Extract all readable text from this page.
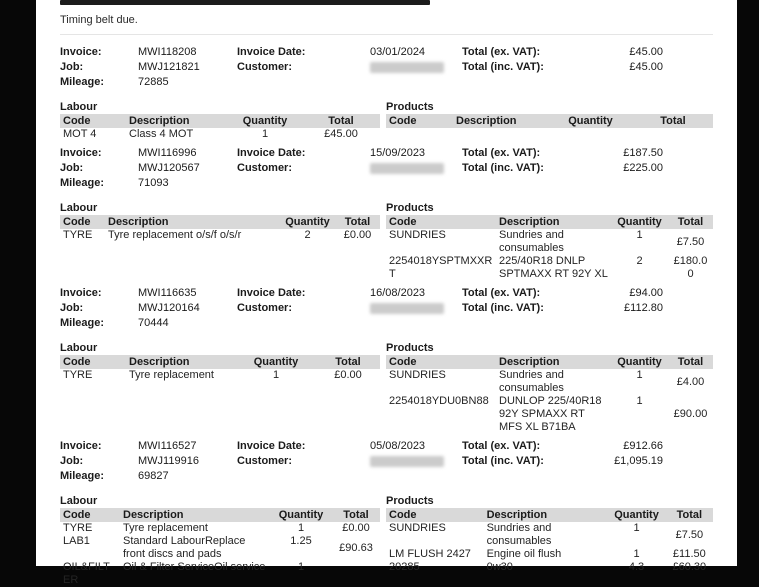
Timing belt due.
Invoice:	MWI118208
Job:	MWJ121821
Mileage:	72885
Invoice Date:	03/01/2024
Customer:
Total (ex. VAT):	£45.00
Total (inc. VAT):	£45.00
Labour
Code	Description	Quantity	Total
MOT 4	Class 4 MOT	1	£45.00
Products
Code	Description	Quantity	Total
Invoice:	MWI116996
Job:	MWJ120567
Mileage:	71093
Invoice Date:	15/09/2023
Customer:
Total (ex. VAT):	£187.50
Total (inc. VAT):	£225.00
Labour
Code	Description	Quantity	Total
TYRE	Tyre replacement o/s/f o/s/r	2	£0.00
Products
Code	Description	Quantity	Total
SUNDRIES	Sundries and consumables	1	£7.50
2254018YSPTMXXRT	225/40R18 DNLP SPTMAXX RT 92Y XL	2	£180.00
Invoice:	MWI116635
Job:	MWJ120164
Mileage:	70444
Invoice Date:	16/08/2023
Customer:
Total (ex. VAT):	£94.00
Total (inc. VAT):	£112.80
Labour
Code	Description	Quantity	Total
TYRE	Tyre replacement	1	£0.00
Products
Code	Description	Quantity	Total
SUNDRIES	Sundries and consumables	1	£4.00
2254018YDU0BN88	DUNLOP 225/40R18 92Y SPMAXX RT MFS XL B71BA	1	£90.00
Invoice:	MWI116527
Job:	MWJ119916
Mileage:	69827
Invoice Date:	05/08/2023
Customer:
Total (ex. VAT):	£912.66
Total (inc. VAT):	£1,095.19
Labour
Code	Description	Quantity	Total
TYRE	Tyre replacement	1	£0.00
LAB1	Standard LabourReplace front discs and pads	1.25	£90.63
OIL&FILTER	Oil & Filter ServiceOil service	1	
Products
Code	Description	Quantity	Total
SUNDRIES	Sundries and consumables	1	£7.50
LM FLUSH 2427	Engine oil flush	1	£11.50
20285	0w30	4.3	£60.30
